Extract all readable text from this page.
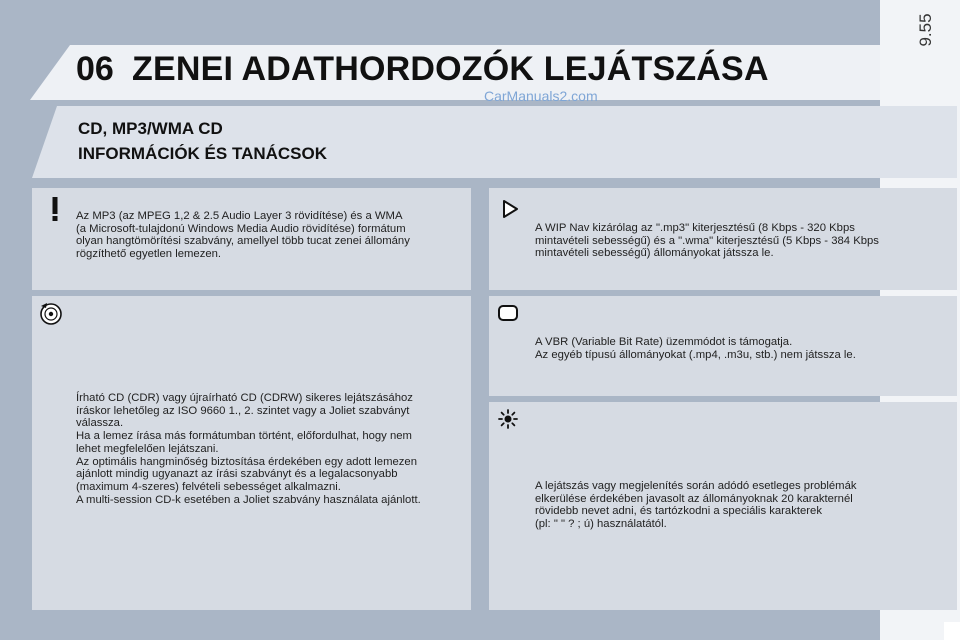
9.55
06 ZENEI ADATHORDOZÓK LEJÁTSZÁSA
CarManuals2.com
CD, MP3/WMA CD
INFORMÁCIÓK ÉS TANÁCSOK
Az MP3 (az MPEG 1,2 & 2.5 Audio Layer 3 rövidítése) és a WMA
(a Microsoft-tulajdonú Windows Media Audio rövidítése) formátum
olyan hangtömörítési szabvány, amellyel több tucat zenei állomány
rögzíthető egyetlen lemezen.
Írható CD (CDR) vagy újraírható CD (CDRW) sikeres lejátszásához
íráskor lehetőleg az ISO 9660 1., 2. szintet vagy a Joliet szabványt
válassza.
Ha a lemez írása más formátumban történt, előfordulhat, hogy nem
lehet megfelelően lejátszani.
Az optimális hangminőség biztosítása érdekében egy adott lemezen
ajánlott mindig ugyanazt az írási szabványt és a legalacsonyabb
(maximum 4-szeres) felvételi sebességet alkalmazni.
A multi-session CD-k esetében a Joliet szabvány használata ajánlott.
A WIP Nav kizárólag az ".mp3" kiterjesztésű (8 Kbps - 320 Kbps
mintavételi sebességű) és a ".wma" kiterjesztésű (5 Kbps - 384 Kbps
mintavételi sebességű) állományokat játssza le.
A VBR (Variable Bit Rate) üzemmódot is támogatja.
Az egyéb típusú állományokat (.mp4, .m3u, stb.) nem játssza le.
A lejátszás vagy megjelenítés során adódó esetleges problémák
elkerülése érdekében javasolt az állományoknak 20 karakternél
rövidebb nevet adni, és tartózkodni a speciális karakterek
(pl: " " ? ; ú) használatától.
